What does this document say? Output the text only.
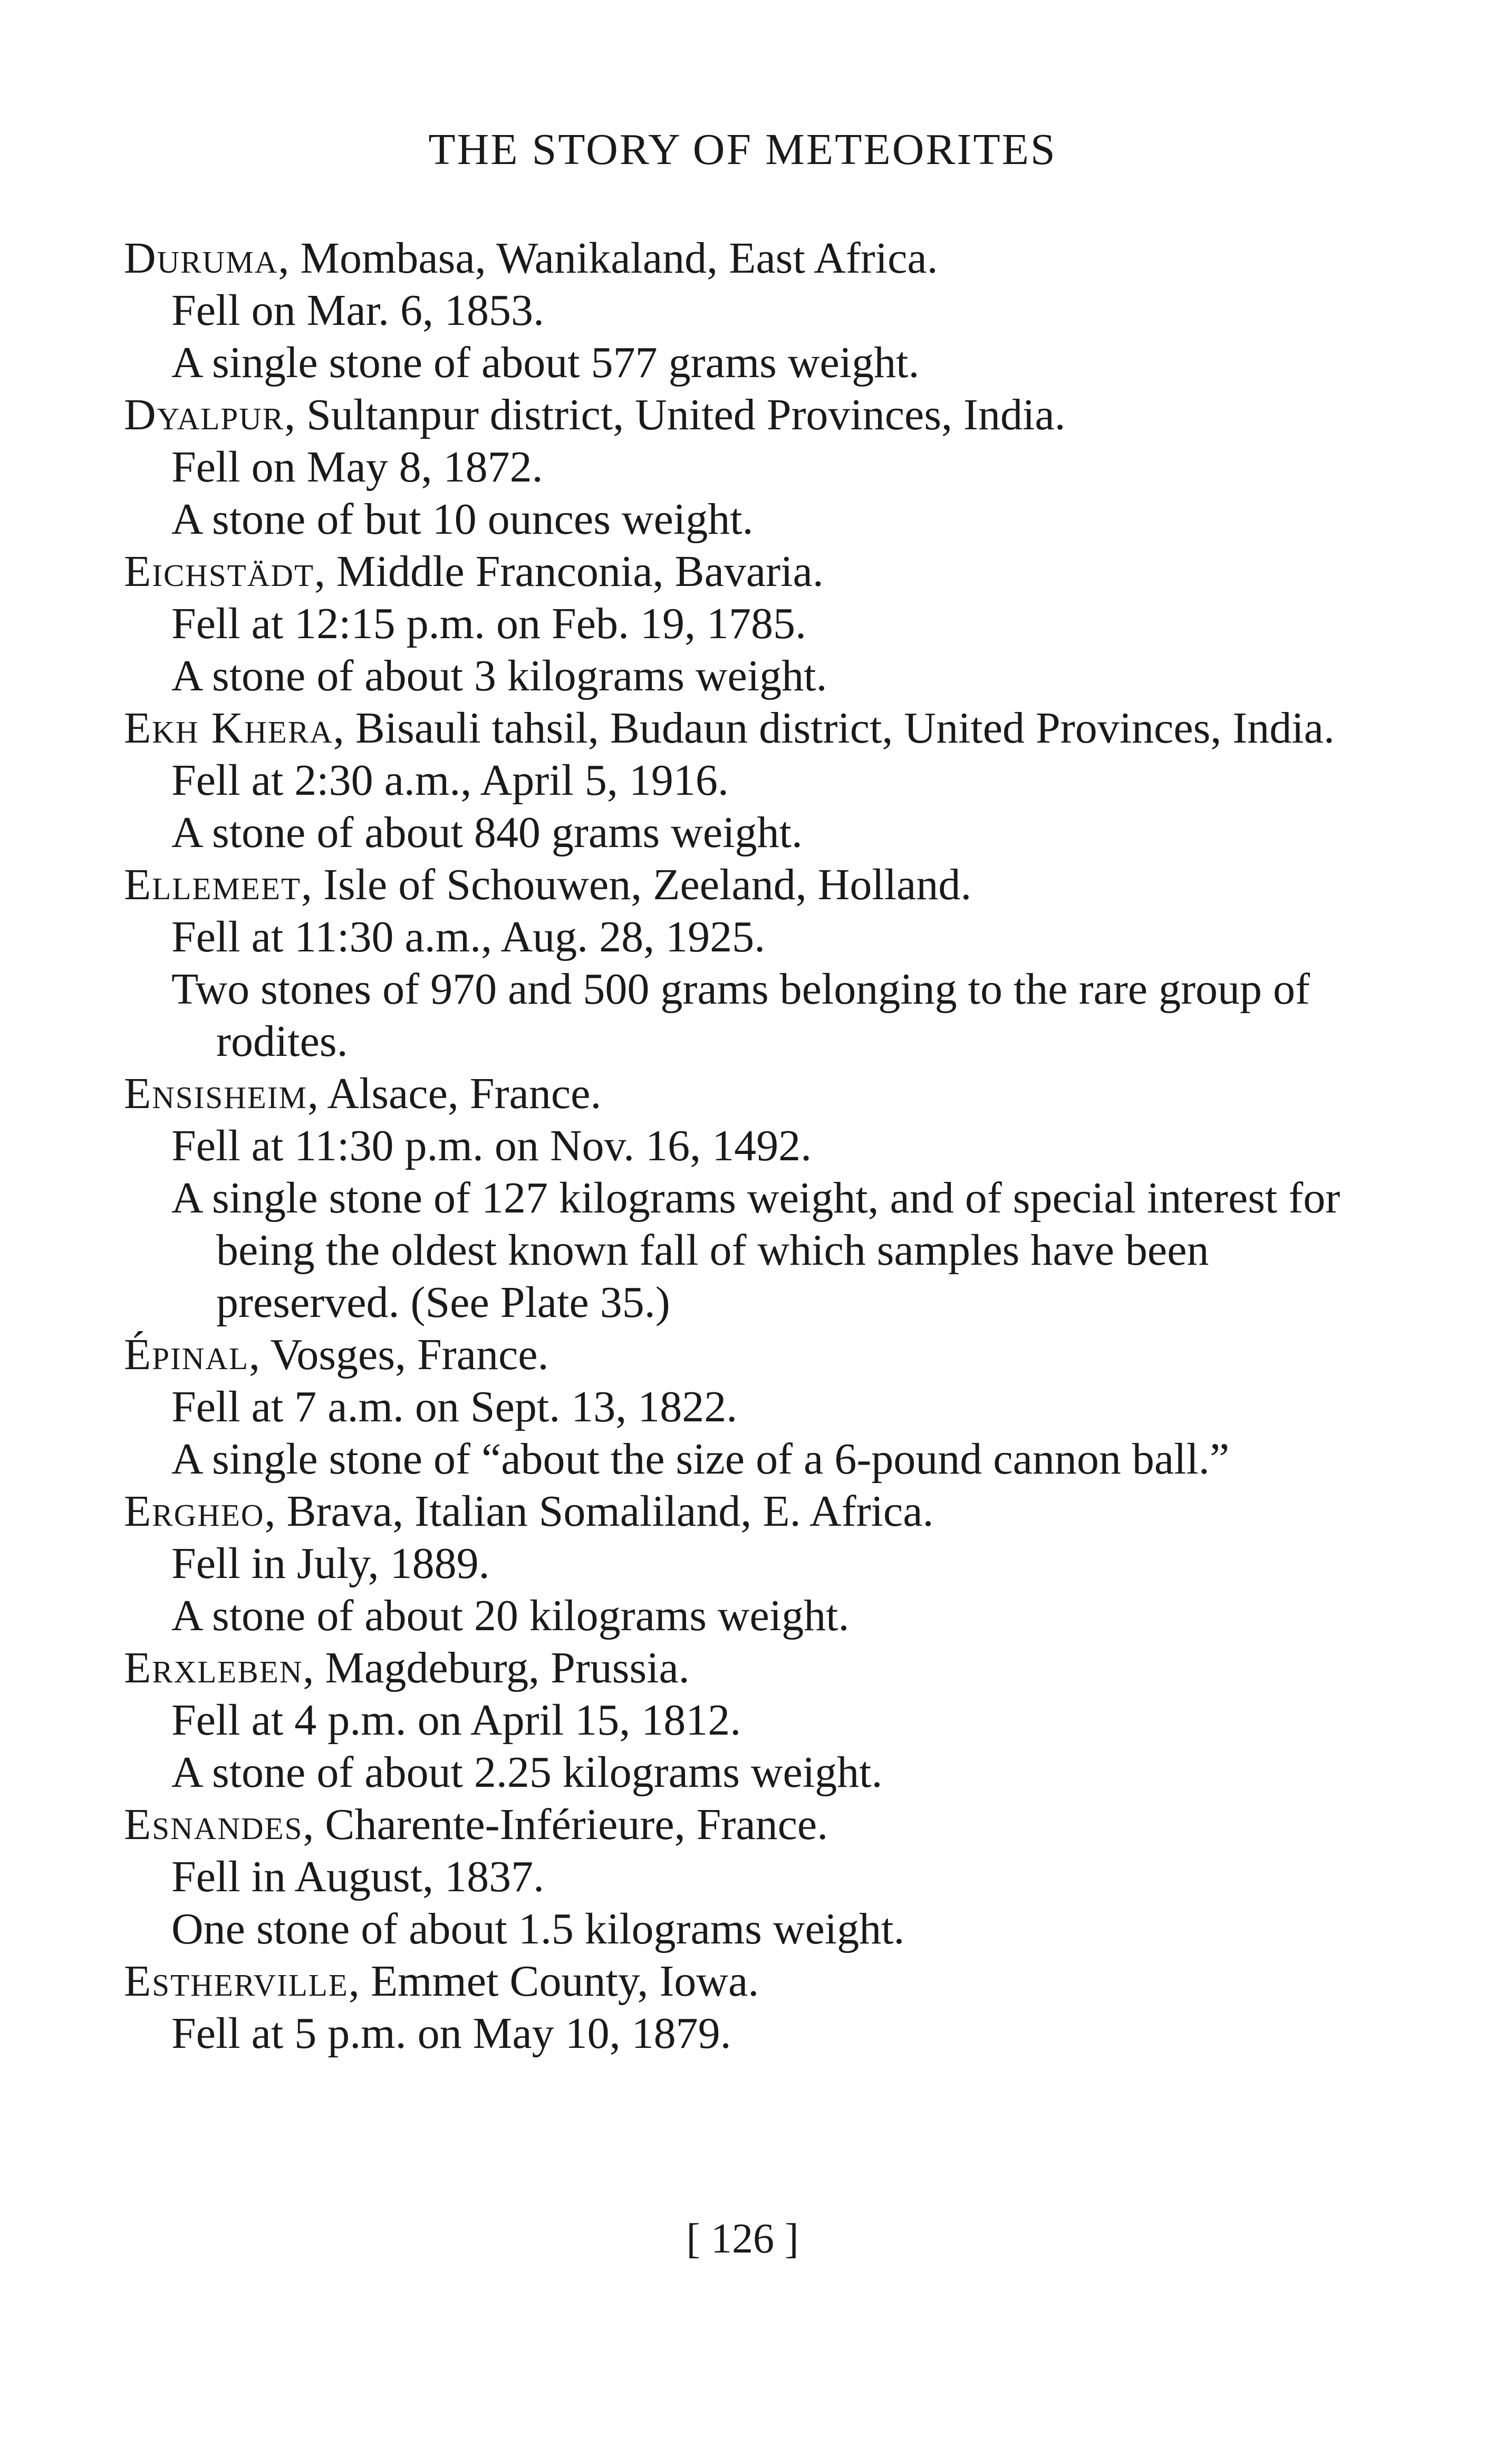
THE STORY OF METEORITES

Duruma, Mombasa, Wanikaland, East Africa.

Fell on Mar. 6, 1853.

A single stone of about 577 grams weight.

Dyalpur, Sultanpur district, United Provinces, India.

Fell on May 8, 1872.

A stone of but 10 ounces weight.

Eichstädt, Middle Franconia, Bavaria.

Fell at 12:15 p.m. on Feb. 19, 1785.

A stone of about 3 kilograms weight.

Ekh Khera, Bisauli tahsil, Budaun district, United Provinces, India.

Fell at 2:30 a.m., April 5, 1916.

A stone of about 840 grams weight.

Ellemeet, Isle of Schouwen, Zeeland, Holland.

Fell at 11:30 a.m., Aug. 28, 1925.

Two stones of 970 and 500 grams belonging to the rare group of rodites.

Ensisheim, Alsace, France.

Fell at 11:30 p.m. on Nov. 16, 1492.

A single stone of 127 kilograms weight, and of special interest for being the oldest known fall of which samples have been preserved. (See Plate 35.)

Épinal, Vosges, France.

Fell at 7 a.m. on Sept. 13, 1822.

A single stone of “about the size of a 6-pound cannon ball.”

Ergheo, Brava, Italian Somaliland, E. Africa.

Fell in July, 1889.

A stone of about 20 kilograms weight.

Erxleben, Magdeburg, Prussia.

Fell at 4 p.m. on April 15, 1812.

A stone of about 2.25 kilograms weight.

Esnandes, Charente-Inférieure, France.

Fell in August, 1837.

One stone of about 1.5 kilograms weight.

Estherville, Emmet County, Iowa.

Fell at 5 p.m. on May 10, 1879.

[ 126 ]
